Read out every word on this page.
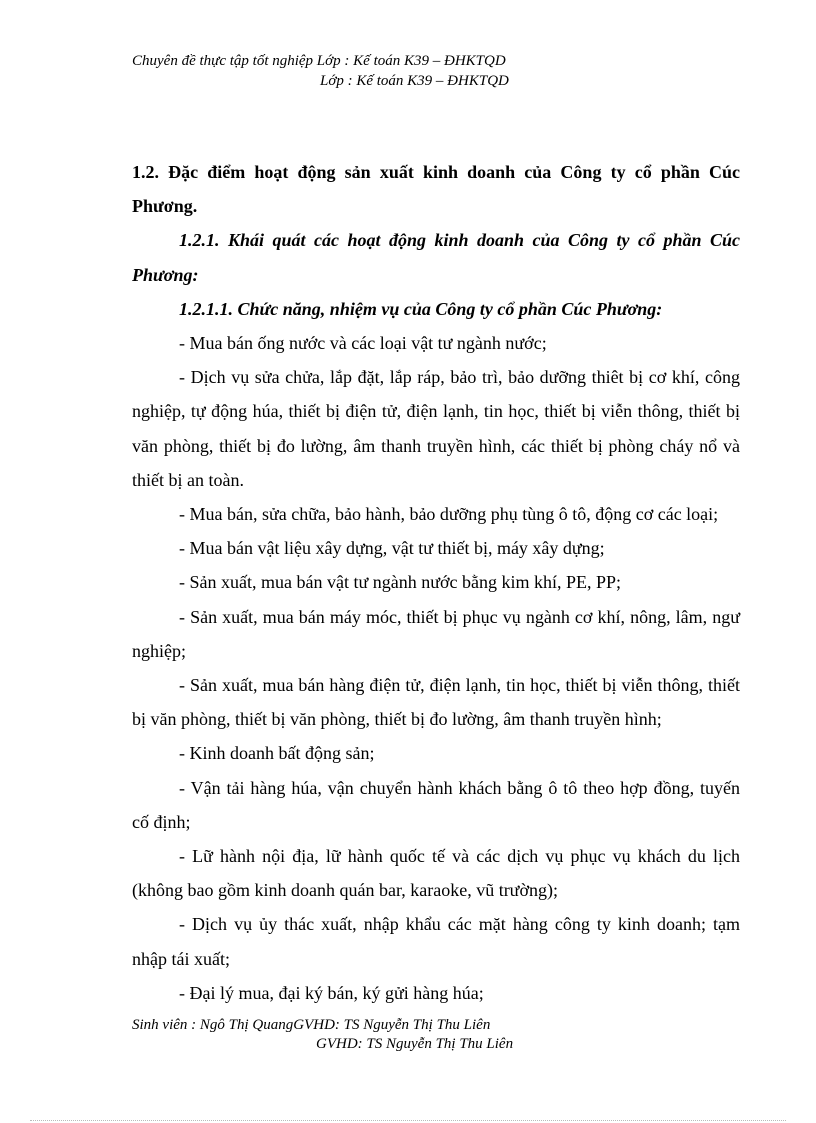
Chuyên đề thực tập tốt nghiệp Lớp : Kế toán K39 – ĐHKTQD
Lớp : Kế toán K39 – ĐHKTQD

1.2. Đặc điểm hoạt động sản xuất kinh doanh của Công ty cổ phần Cúc Phương.

1.2.1. Khái quát các hoạt động kinh doanh của Công ty cổ phần Cúc Phương:

1.2.1.1. Chức năng, nhiệm vụ của Công ty cổ phần Cúc Phương:

- Mua bán ống nước và các loại vật tư ngành nước;

- Dịch vụ sửa chửa, lắp đặt, lắp ráp, bảo trì, bảo dưỡng thiêt bị cơ khí, công nghiệp, tự động húa, thiết bị điện tử, điện lạnh, tin học, thiết bị viễn thông, thiết bị văn phòng, thiết bị đo lường, âm thanh truyền hình, các thiết bị phòng cháy nổ và thiết bị an toàn.

- Mua bán, sửa chữa, bảo hành, bảo dưỡng phụ tùng ô tô, động cơ các loại;

- Mua bán vật liệu xây dựng, vật tư thiết bị, máy xây dựng;

- Sản xuất, mua bán vật tư ngành nước bằng kim khí, PE, PP;

- Sản xuất, mua bán máy móc, thiết bị phục vụ ngành cơ khí, nông, lâm, ngư nghiệp;

- Sản xuất, mua bán hàng điện tử, điện lạnh, tin học, thiết bị viễn thông, thiết bị văn phòng, thiết bị văn phòng, thiết bị đo lường, âm thanh truyền hình;

- Kinh doanh bất động sản;

- Vận tải hàng húa, vận chuyển hành khách bằng ô tô theo hợp đồng, tuyến cố định;

- Lữ hành nội địa, lữ hành quốc tế và các dịch vụ phục vụ khách du lịch (không bao gồm kinh doanh quán bar, karaoke, vũ trường);

- Dịch vụ ủy thác xuất, nhập khẩu các mặt hàng công ty kinh doanh; tạm nhập tái xuất;

- Đại lý mua, đại ký bán, ký gửi hàng húa;

Sinh viên : Ngô Thị QuangGVHD: TS Nguyễn Thị Thu Liên
GVHD: TS Nguyễn Thị Thu Liên
